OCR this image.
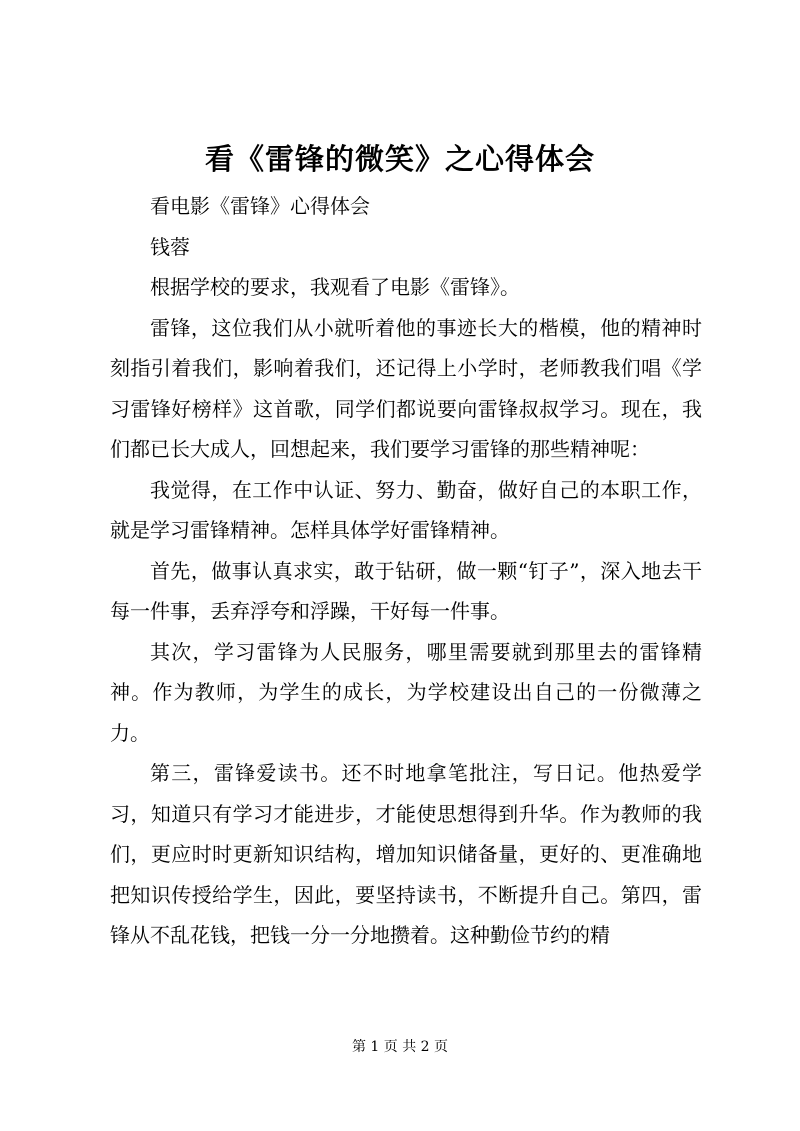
看《雷锋的微笑》之心得体会

看电影《雷锋》心得体会

钱蓉

根据学校的要求，我观看了电影《雷锋》。

雷锋，这位我们从小就听着他的事迹长大的楷模，他的精神时刻指引着我们，影响着我们，还记得上小学时，老师教我们唱《学习雷锋好榜样》这首歌，同学们都说要向雷锋叔叔学习。现在，我们都已长大成人，回想起来，我们要学习雷锋的那些精神呢：

我觉得，在工作中认证、努力、勤奋，做好自己的本职工作，就是学习雷锋精神。怎样具体学好雷锋精神。

首先，做事认真求实，敢于钻研，做一颗“钉子”，深入地去干每一件事，丢弃浮夸和浮躁，干好每一件事。

其次，学习雷锋为人民服务，哪里需要就到那里去的雷锋精神。作为教师，为学生的成长，为学校建设出自己的一份微薄之力。

第三，雷锋爱读书。还不时地拿笔批注，写日记。他热爱学习，知道只有学习才能进步，才能使思想得到升华。作为教师的我们，更应时时更新知识结构，增加知识储备量，更好的、更准确地把知识传授给学生，因此，要坚持读书，不断提升自己。第四，雷锋从不乱花钱，把钱一分一分地攒着。这种勤俭节约的精

第 1 页 共 2 页
